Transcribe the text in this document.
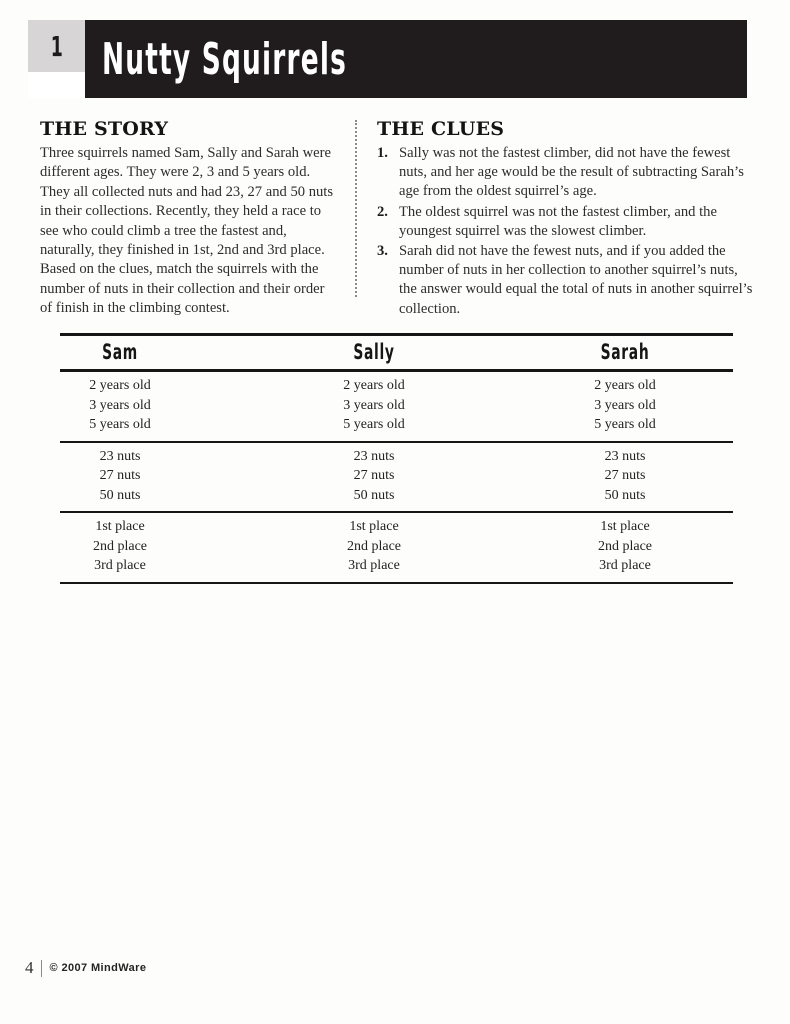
1 Nutty Squirrels
THE STORY

Three squirrels named Sam, Sally and Sarah were different ages. They were 2, 3 and 5 years old. They all collected nuts and had 23, 27 and 50 nuts in their collections. Recently, they held a race to see who could climb a tree the fastest and, naturally, they finished in 1st, 2nd and 3rd place. Based on the clues, match the squirrels with the number of nuts in their collection and their order of finish in the climbing contest.

THE CLUES
1. Sally was not the fastest climber, did not have the fewest nuts, and her age would be the result of subtracting Sarah’s age from the oldest squirrel’s age.
2. The oldest squirrel was not the fastest climber, and the youngest squirrel was the slowest climber.
3. Sarah did not have the fewest nuts, and if you added the number of nuts in her collection to another squirrel’s nuts, the answer would equal the total of nuts in another squirrel’s collection.
Sam	Sally	Sarah
2 years old	2 years old	2 years old
3 years old	3 years old	3 years old
5 years old	5 years old	5 years old
23 nuts	23 nuts	23 nuts
27 nuts	27 nuts	27 nuts
50 nuts	50 nuts	50 nuts
1st place	1st place	1st place
2nd place	2nd place	2nd place
3rd place	3rd place	3rd place
4 © 2007 MindWare
